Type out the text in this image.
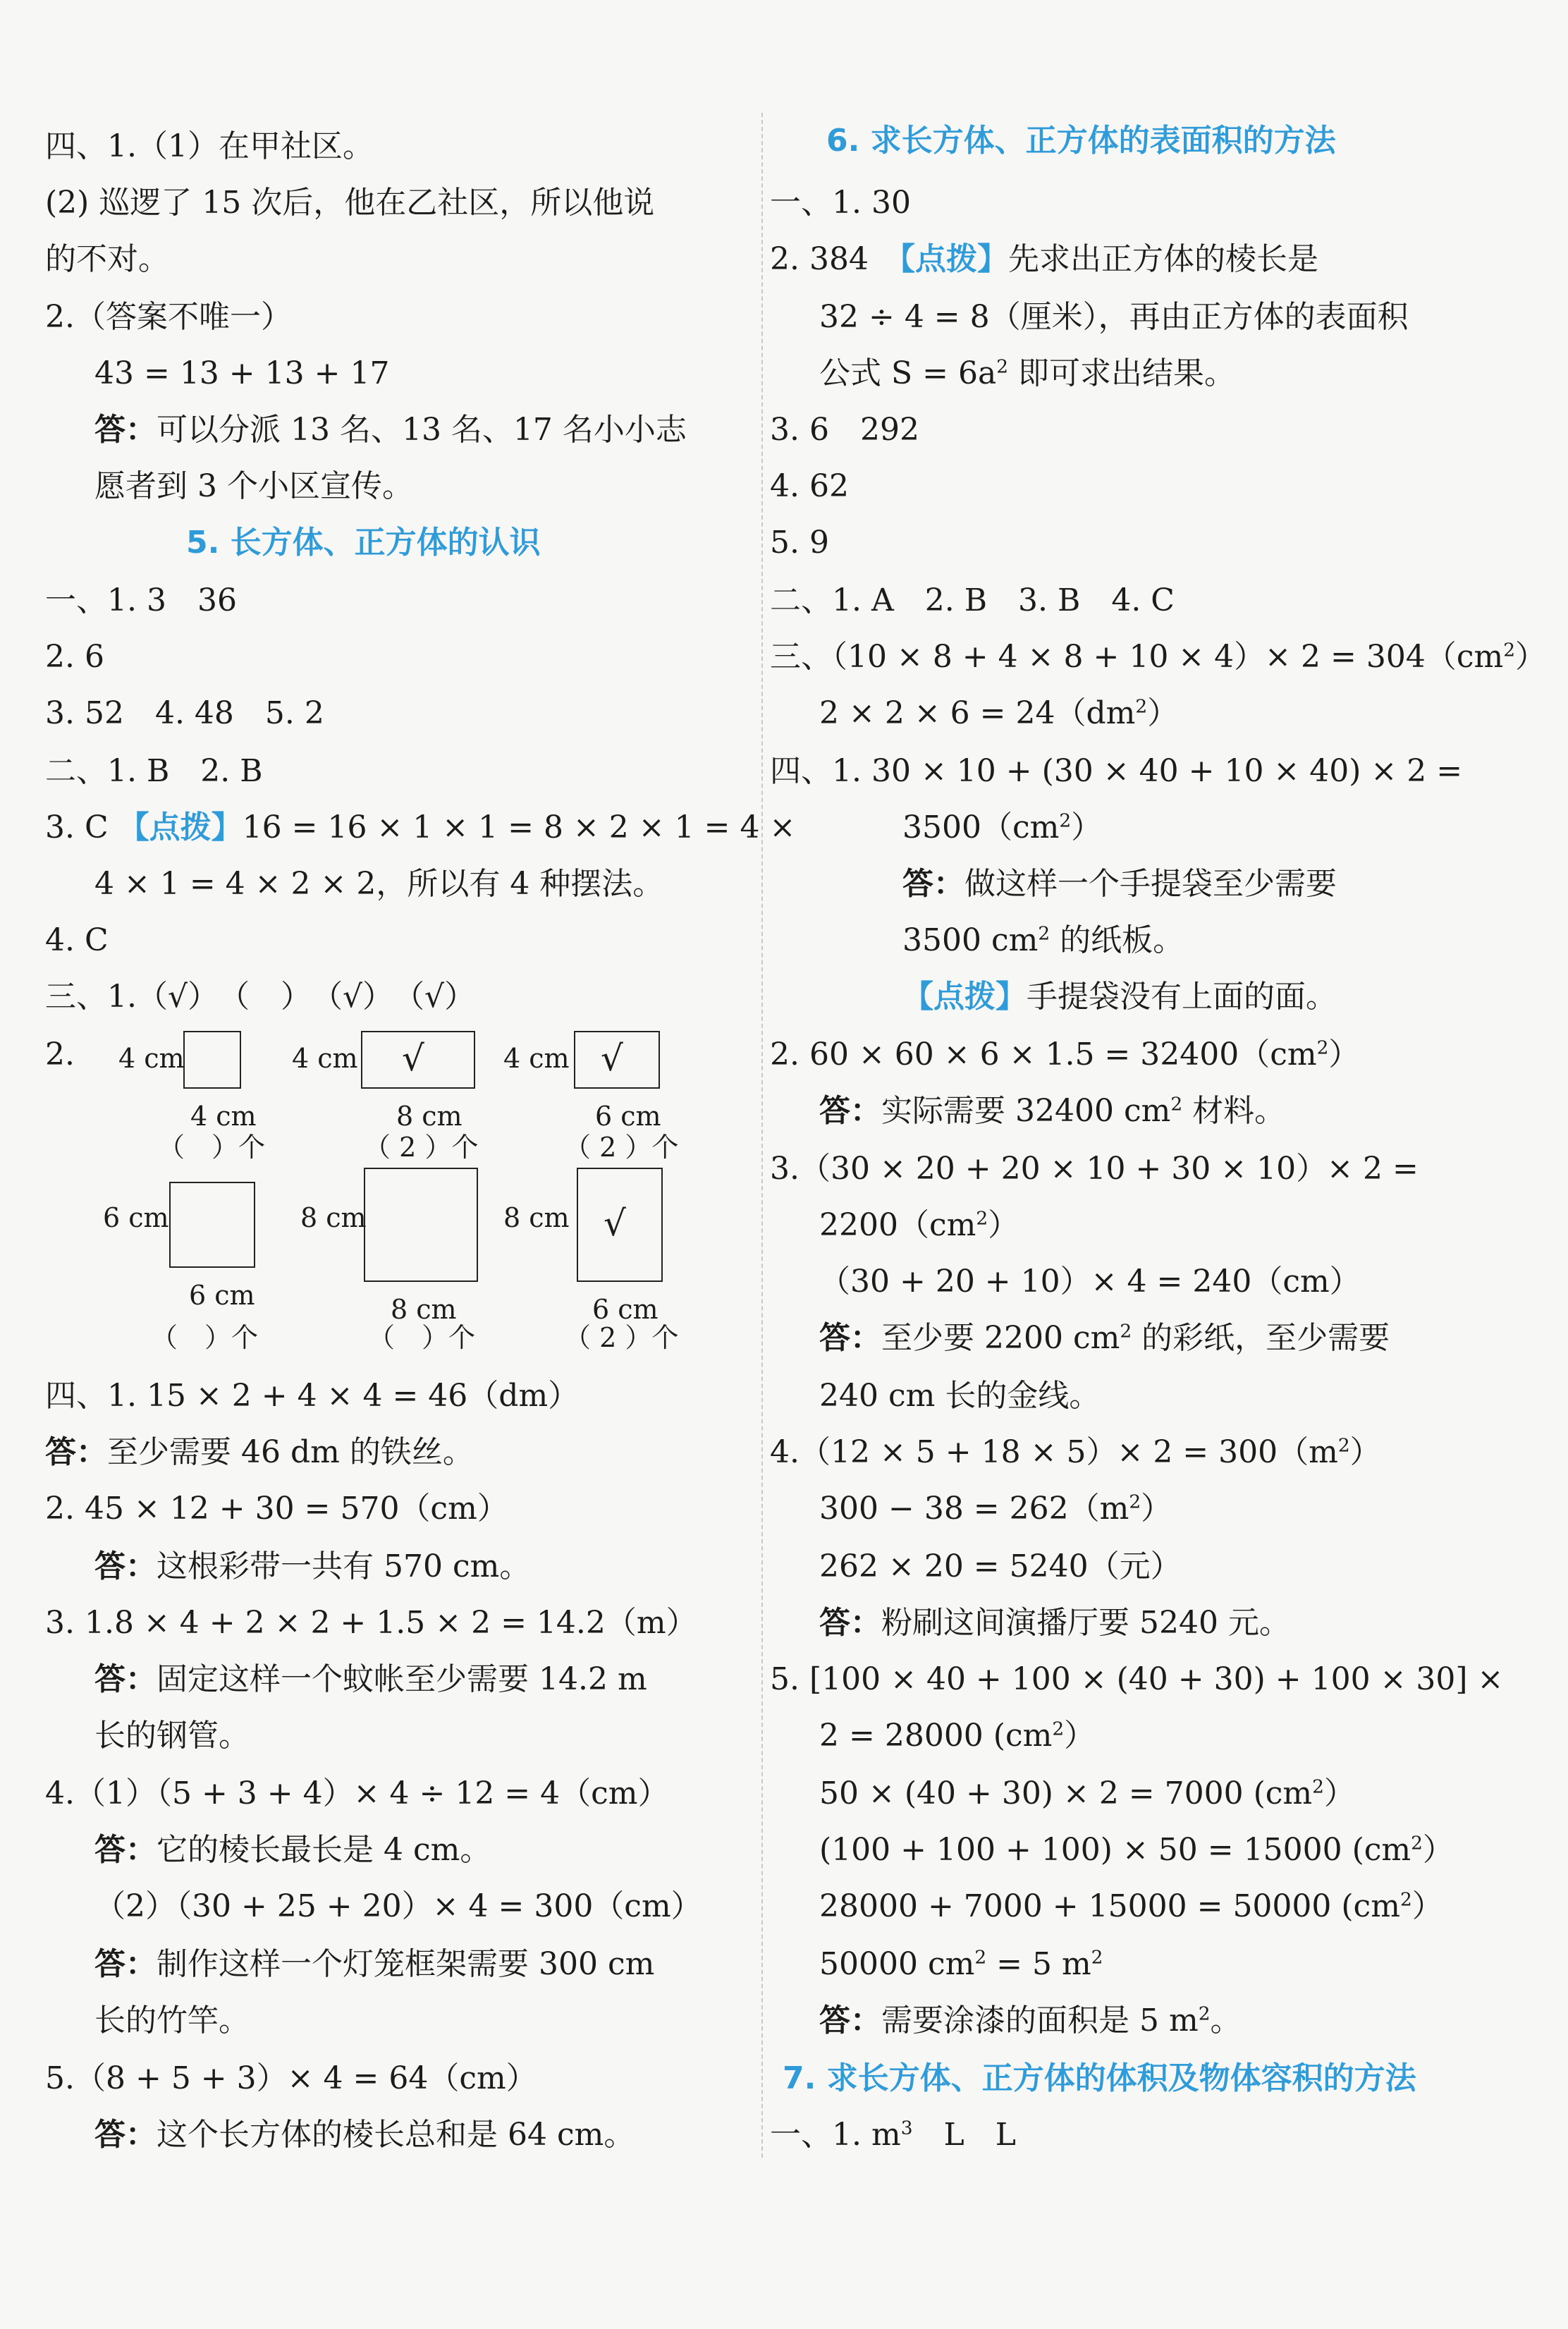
四、1.（1）在甲社区。
(2) 巡逻了 15 次后，他在乙社区，所以他说
的不对。
2.（答案不唯一）
43 = 13 + 13 + 17
答：可以分派 13 名、13 名、17 名小小志
愿者到 3 个小区宣传。
5. 长方体、正方体的认识
一、1. 3　36
2. 6
3. 52　4. 48　5. 2
二、1. B　2. B
3. C 【点拨】16 = 16 × 1 × 1 = 8 × 2 × 1 = 4 ×
4 × 1 = 4 × 2 × 2，所以有 4 种摆法。
4. C
三、1.（√）　（　）　（√）　（√）
2. 4 cm
4 cm
（　）个
4 cm √
8 cm
（ 2 ）个
4 cm √
6 cm
（ 2 ）个
6 cm
6 cm
（　）个
8 cm
8 cm
（　）个
8 cm √
6 cm
（ 2 ）个
四、1. 15 × 2 + 4 × 4 = 46（dm）
答：至少需要 46 dm 的铁丝。
2. 45 × 12 + 30 = 570（cm）
答：这根彩带一共有 570 cm。
3. 1.8 × 4 + 2 × 2 + 1.5 × 2 = 14.2（m）
答：固定这样一个蚊帐至少需要 14.2 m
长的钢管。
4.（1）（5 + 3 + 4）× 4 ÷ 12 = 4（cm）
答：它的棱长最长是 4 cm。
（2）（30 + 25 + 20）× 4 = 300（cm）
答：制作这样一个灯笼框架需要 300 cm
长的竹竿。
5.（8 + 5 + 3）× 4 = 64（cm）
答：这个长方体的棱长总和是 64 cm。
6. 求长方体、正方体的表面积的方法
一、1. 30
2. 384　 【点拨】先求出正方体的棱长是
32 ÷ 4 = 8（厘米），再由正方体的表面积
公式 $S = 6a^2$ 即可求出结果。
3. 6　292
4. 62
5. 9
二、1. A　2. B　3. B　4. C
三、$(10 \times 8 + 4 \times 8 + 10 \times 4)\times 2 = 304(cm^2)$
$2 \times 2 \times 6 = 24(dm^2)$
四、1. 30 × 10 + (30 × 40 + 10 × 40) × 2 =
$3500(cm^2)$
答：做这样一个手提袋至少需要
3500 $cm^2$ 的纸板。
【点拨】手提袋没有上面的面。
2. $60 \times 60 \times 6 \times 1.5 = 32400(cm^2)$
答：实际需要 32400 $cm^2$ 材料。
3.（30 × 20 + 20 × 10 + 30 × 10）× 2 =
$2200(cm^2)$
（30 + 20 + 10）× 4 = 240（cm）
答：至少要 2200 $cm^2$ 的彩纸，至少需要
240 cm 长的金线。
$4.(12 \times 5 + 18 \times 5)\times 2 = 300(m^2)$
$300 - 38 = 262(m^2)$
262 × 20 = 5240（元）
答：粉刷这间演播厅要 5240 元。
5. [100 × 40 + 100 × (40 + 30) + 100 × 30] ×
2 = 28000 $(cm^2)$
50 × (40 + 30) × 2 = 7000 $(cm^2)$
(100 + 100 + 100) × 50 = 15000 $(cm^2)$
28000 + 7000 + 15000 = 50000 $(cm^2)$
50000 $cm^2 = 5$ $m^2$
答：需要涂漆的面积是 5 $m^2$。
7. 求长方体、正方体的体积及物体容积的方法
一、1. $m^3$　L　L
